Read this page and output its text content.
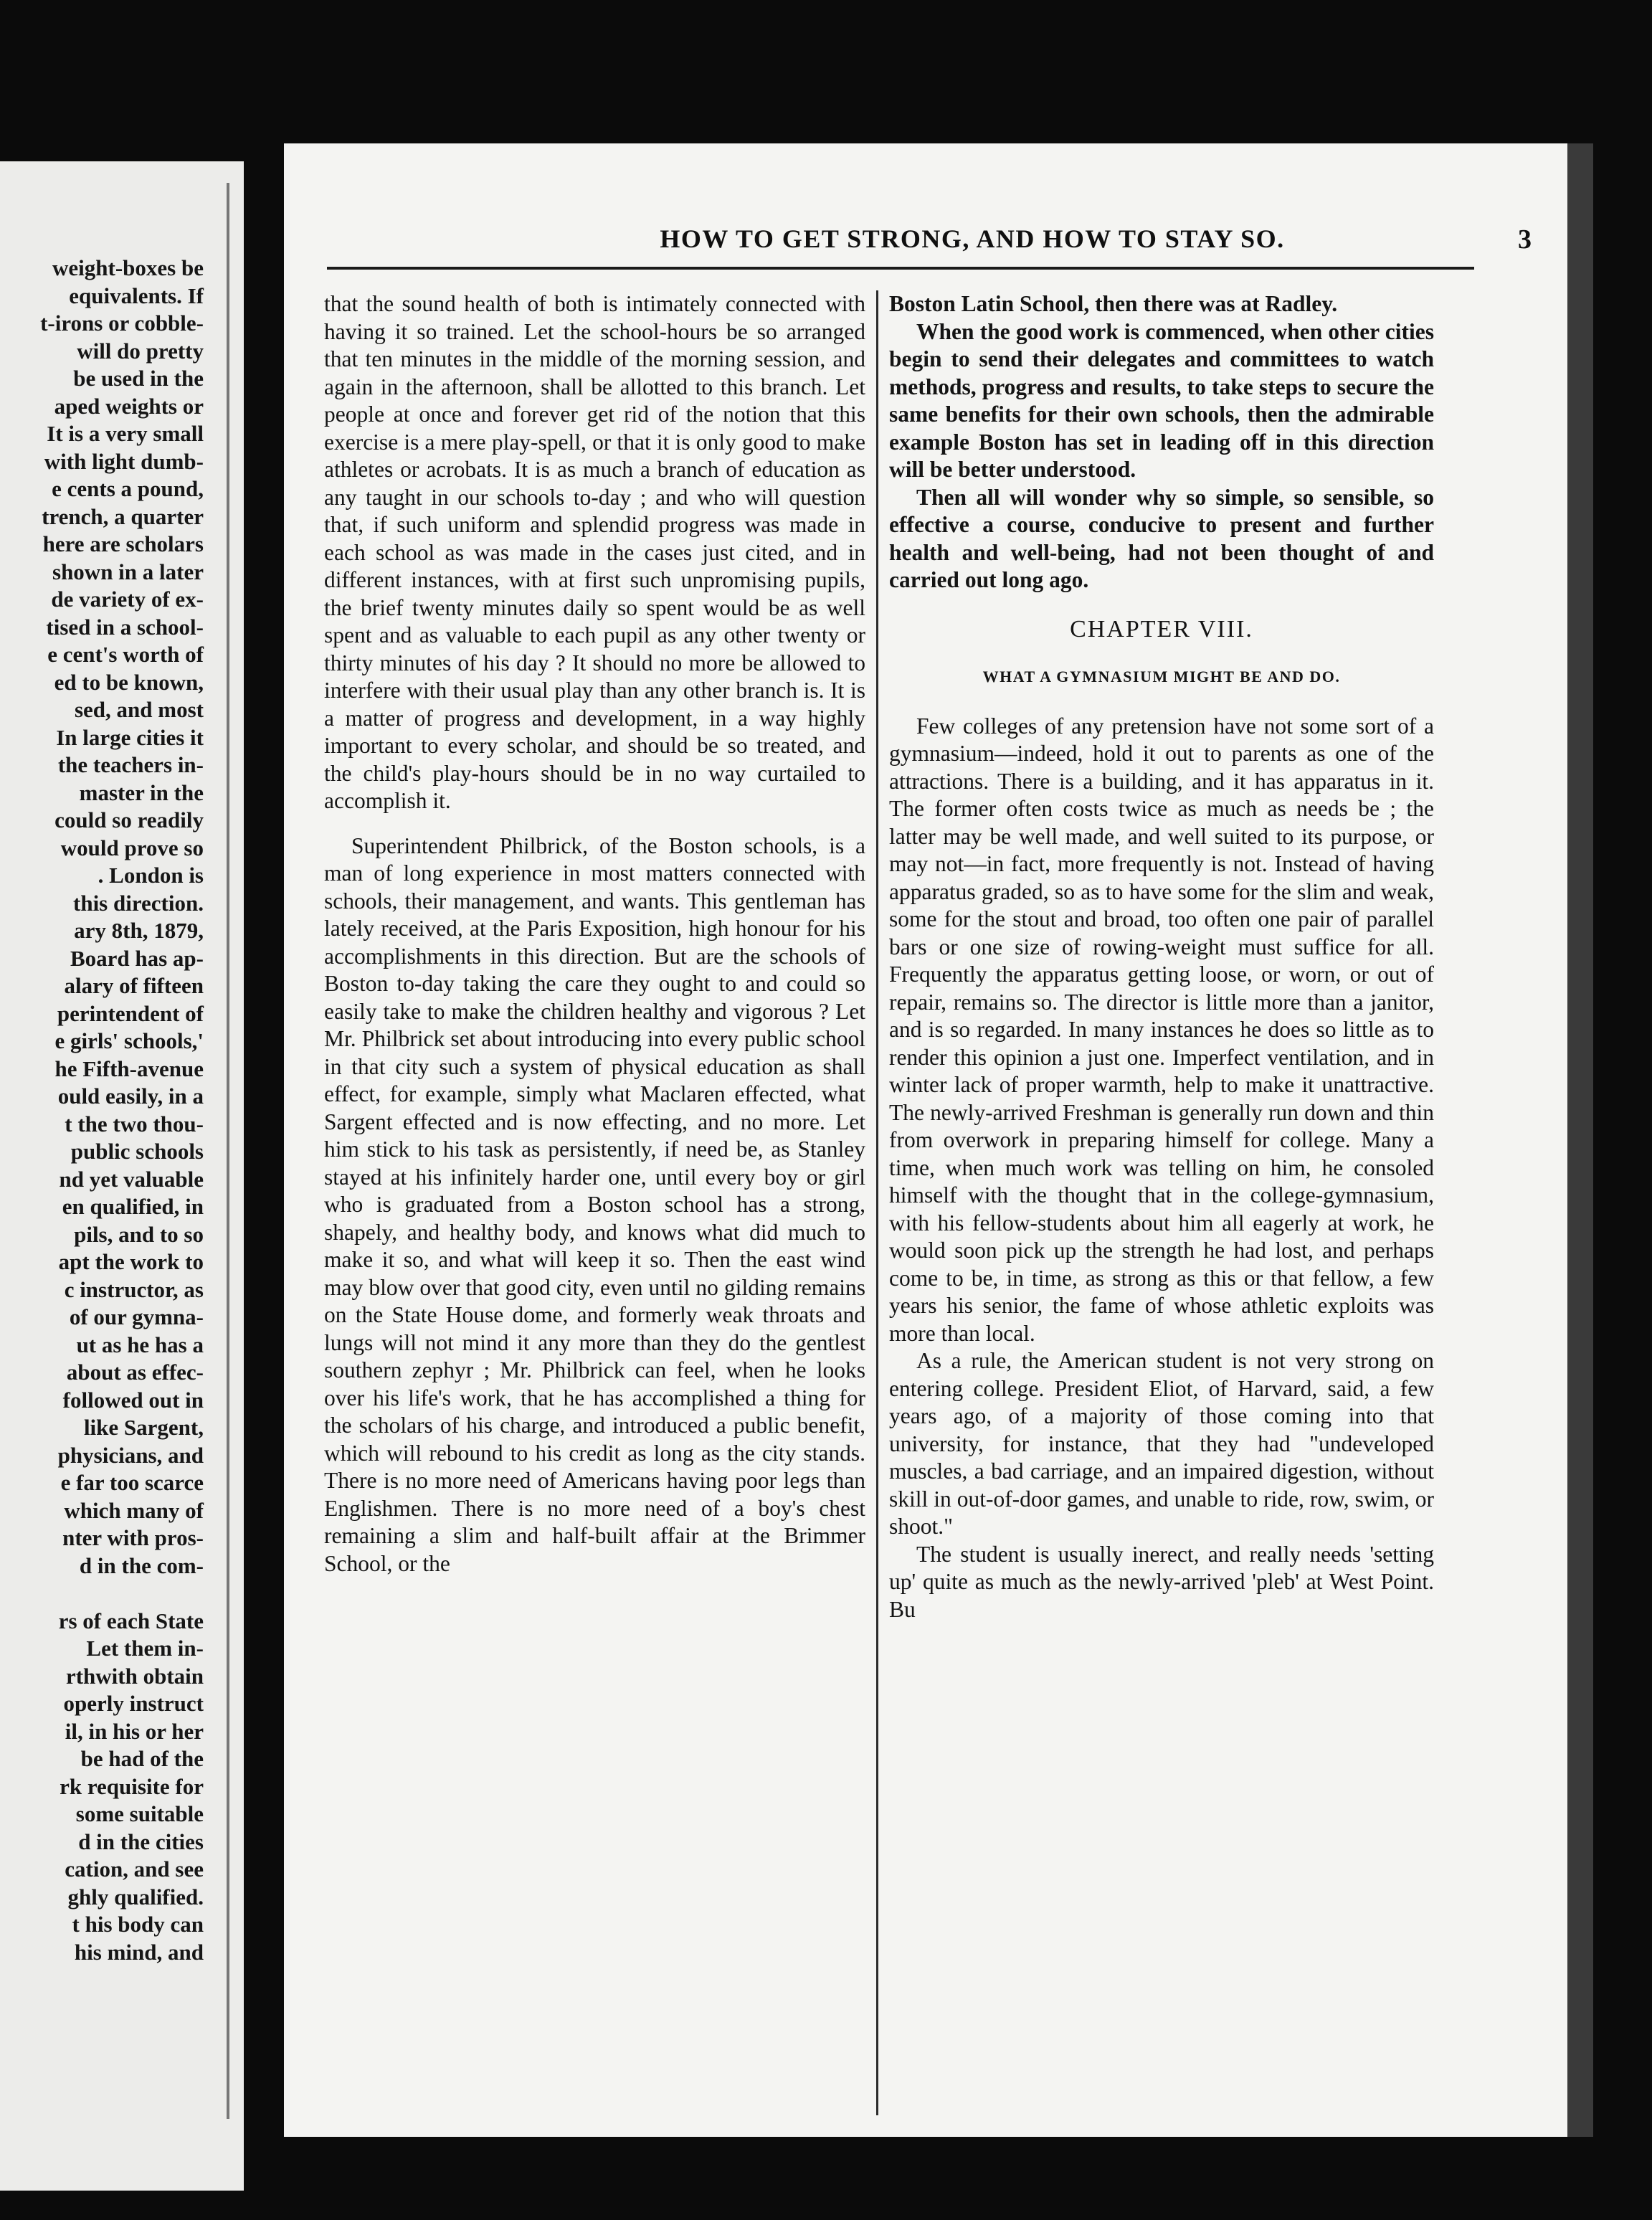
weight-boxes be
equivalents. If
t-irons or cobble-
will do pretty
be used in the
aped weights or
It is a very small
with light dumb-
e cents a pound,
trench, a quarter
here are scholars
shown in a later
de variety of ex-
tised in a school-
e cent's worth of
ed to be known,
sed, and most
In large cities it
the teachers in-
master in the
could so readily
would prove so
. London is
this direction.
ary 8th, 1879,
Board has ap-
alary of fifteen
perintendent of
e girls' schools,'
he Fifth-avenue
ould easily, in a
t the two thou-
public schools
nd yet valuable
en qualified, in
pils, and to so
apt the work to
c instructor, as
of our gymna-
ut as he has a
about as effec-
followed out in
like Sargent,
physicians, and
e far too scarce
which many of
nter with pros-
d in the com-
rs of each State
Let them in-
rthwith obtain
operly instruct
il, in his or her
be had of the
rk requisite for
some suitable
d in the cities
cation, and see
ghly qualified.
t his body can
his mind, and
HOW TO GET STRONG, AND HOW TO STAY SO.	3

that the sound health of both is intimately connected with having it so trained. Let the school-hours be so arranged that ten minutes in the middle of the morning session, and again in the afternoon, shall be allotted to this branch. Let people at once and forever get rid of the notion that this exercise is a mere play-spell, or that it is only good to make athletes or acrobats. It is as much a branch of education as any taught in our schools to-day ; and who will question that, if such uniform and splendid progress was made in each school as was made in the cases just cited, and in different instances, with at first such unpromising pupils, the brief twenty minutes daily so spent would be as well spent and as valuable to each pupil as any other twenty or thirty minutes of his day ? It should no more be allowed to interfere with their usual play than any other branch is. It is a matter of progress and development, in a way highly important to every scholar, and should be so treated, and the child's play-hours should be in no way curtailed to accomplish it.

Superintendent Philbrick, of the Boston schools, is a man of long experience in most matters connected with schools, their management, and wants. This gentleman has lately received, at the Paris Exposition, high honour for his accomplishments in this direction. But are the schools of Boston to-day taking the care they ought to and could so easily take to make the children healthy and vigorous ? Let Mr. Philbrick set about introducing into every public school in that city such a system of physical education as shall effect, for example, simply what Maclaren effected, what Sargent effected and is now effecting, and no more. Let him stick to his task as persistently, if need be, as Stanley stayed at his infinitely harder one, until every boy or girl who is graduated from a Boston school has a strong, shapely, and healthy body, and knows what did much to make it so, and what will keep it so. Then the east wind may blow over that good city, even until no gilding remains on the State House dome, and formerly weak throats and lungs will not mind it any more than they do the gentlest southern zephyr ; Mr. Philbrick can feel, when he looks over his life's work, that he has accomplished a thing for the scholars of his charge, and introduced a public benefit, which will rebound to his credit as long as the city stands. There is no more need of Americans having poor legs than Englishmen. There is no more need of a boy's chest remaining a slim and half-built affair at the Brimmer School, or the

Boston Latin School, then there was at Radley.

When the good work is commenced, when other cities begin to send their delegates and committees to watch methods, progress and results, to take steps to secure the same benefits for their own schools, then the admirable example Boston has set in leading off in this direction will be better understood.

Then all will wonder why so simple, so sensible, so effective a course, conducive to present and further health and well-being, had not been thought of and carried out long ago.

CHAPTER VIII.
WHAT A GYMNASIUM MIGHT BE AND DO.

Few colleges of any pretension have not some sort of a gymnasium—indeed, hold it out to parents as one of the attractions. There is a building, and it has apparatus in it. The former often costs twice as much as needs be ; the latter may be well made, and well suited to its purpose, or may not—in fact, more frequently is not. Instead of having apparatus graded, so as to have some for the slim and weak, some for the stout and broad, too often one pair of parallel bars or one size of rowing-weight must suffice for all. Frequently the apparatus getting loose, or worn, or out of repair, remains so. The director is little more than a janitor, and is so regarded. In many instances he does so little as to render this opinion a just one. Imperfect ventilation, and in winter lack of proper warmth, help to make it unattractive. The newly-arrived Freshman is generally run down and thin from overwork in preparing himself for college. Many a time, when much work was telling on him, he consoled himself with the thought that in the college-gymnasium, with his fellow-students about him all eagerly at work, he would soon pick up the strength he had lost, and perhaps come to be, in time, as strong as this or that fellow, a few years his senior, the fame of whose athletic exploits was more than local.

As a rule, the American student is not very strong on entering college. President Eliot, of Harvard, said, a few years ago, of a majority of those coming into that university, for instance, that they had "undeveloped muscles, a bad carriage, and an impaired digestion, without skill in out-of-door games, and unable to ride, row, swim, or shoot."

The student is usually inerect, and really needs 'setting up' quite as much as the newly-arrived 'pleb' at West Point. Bu
